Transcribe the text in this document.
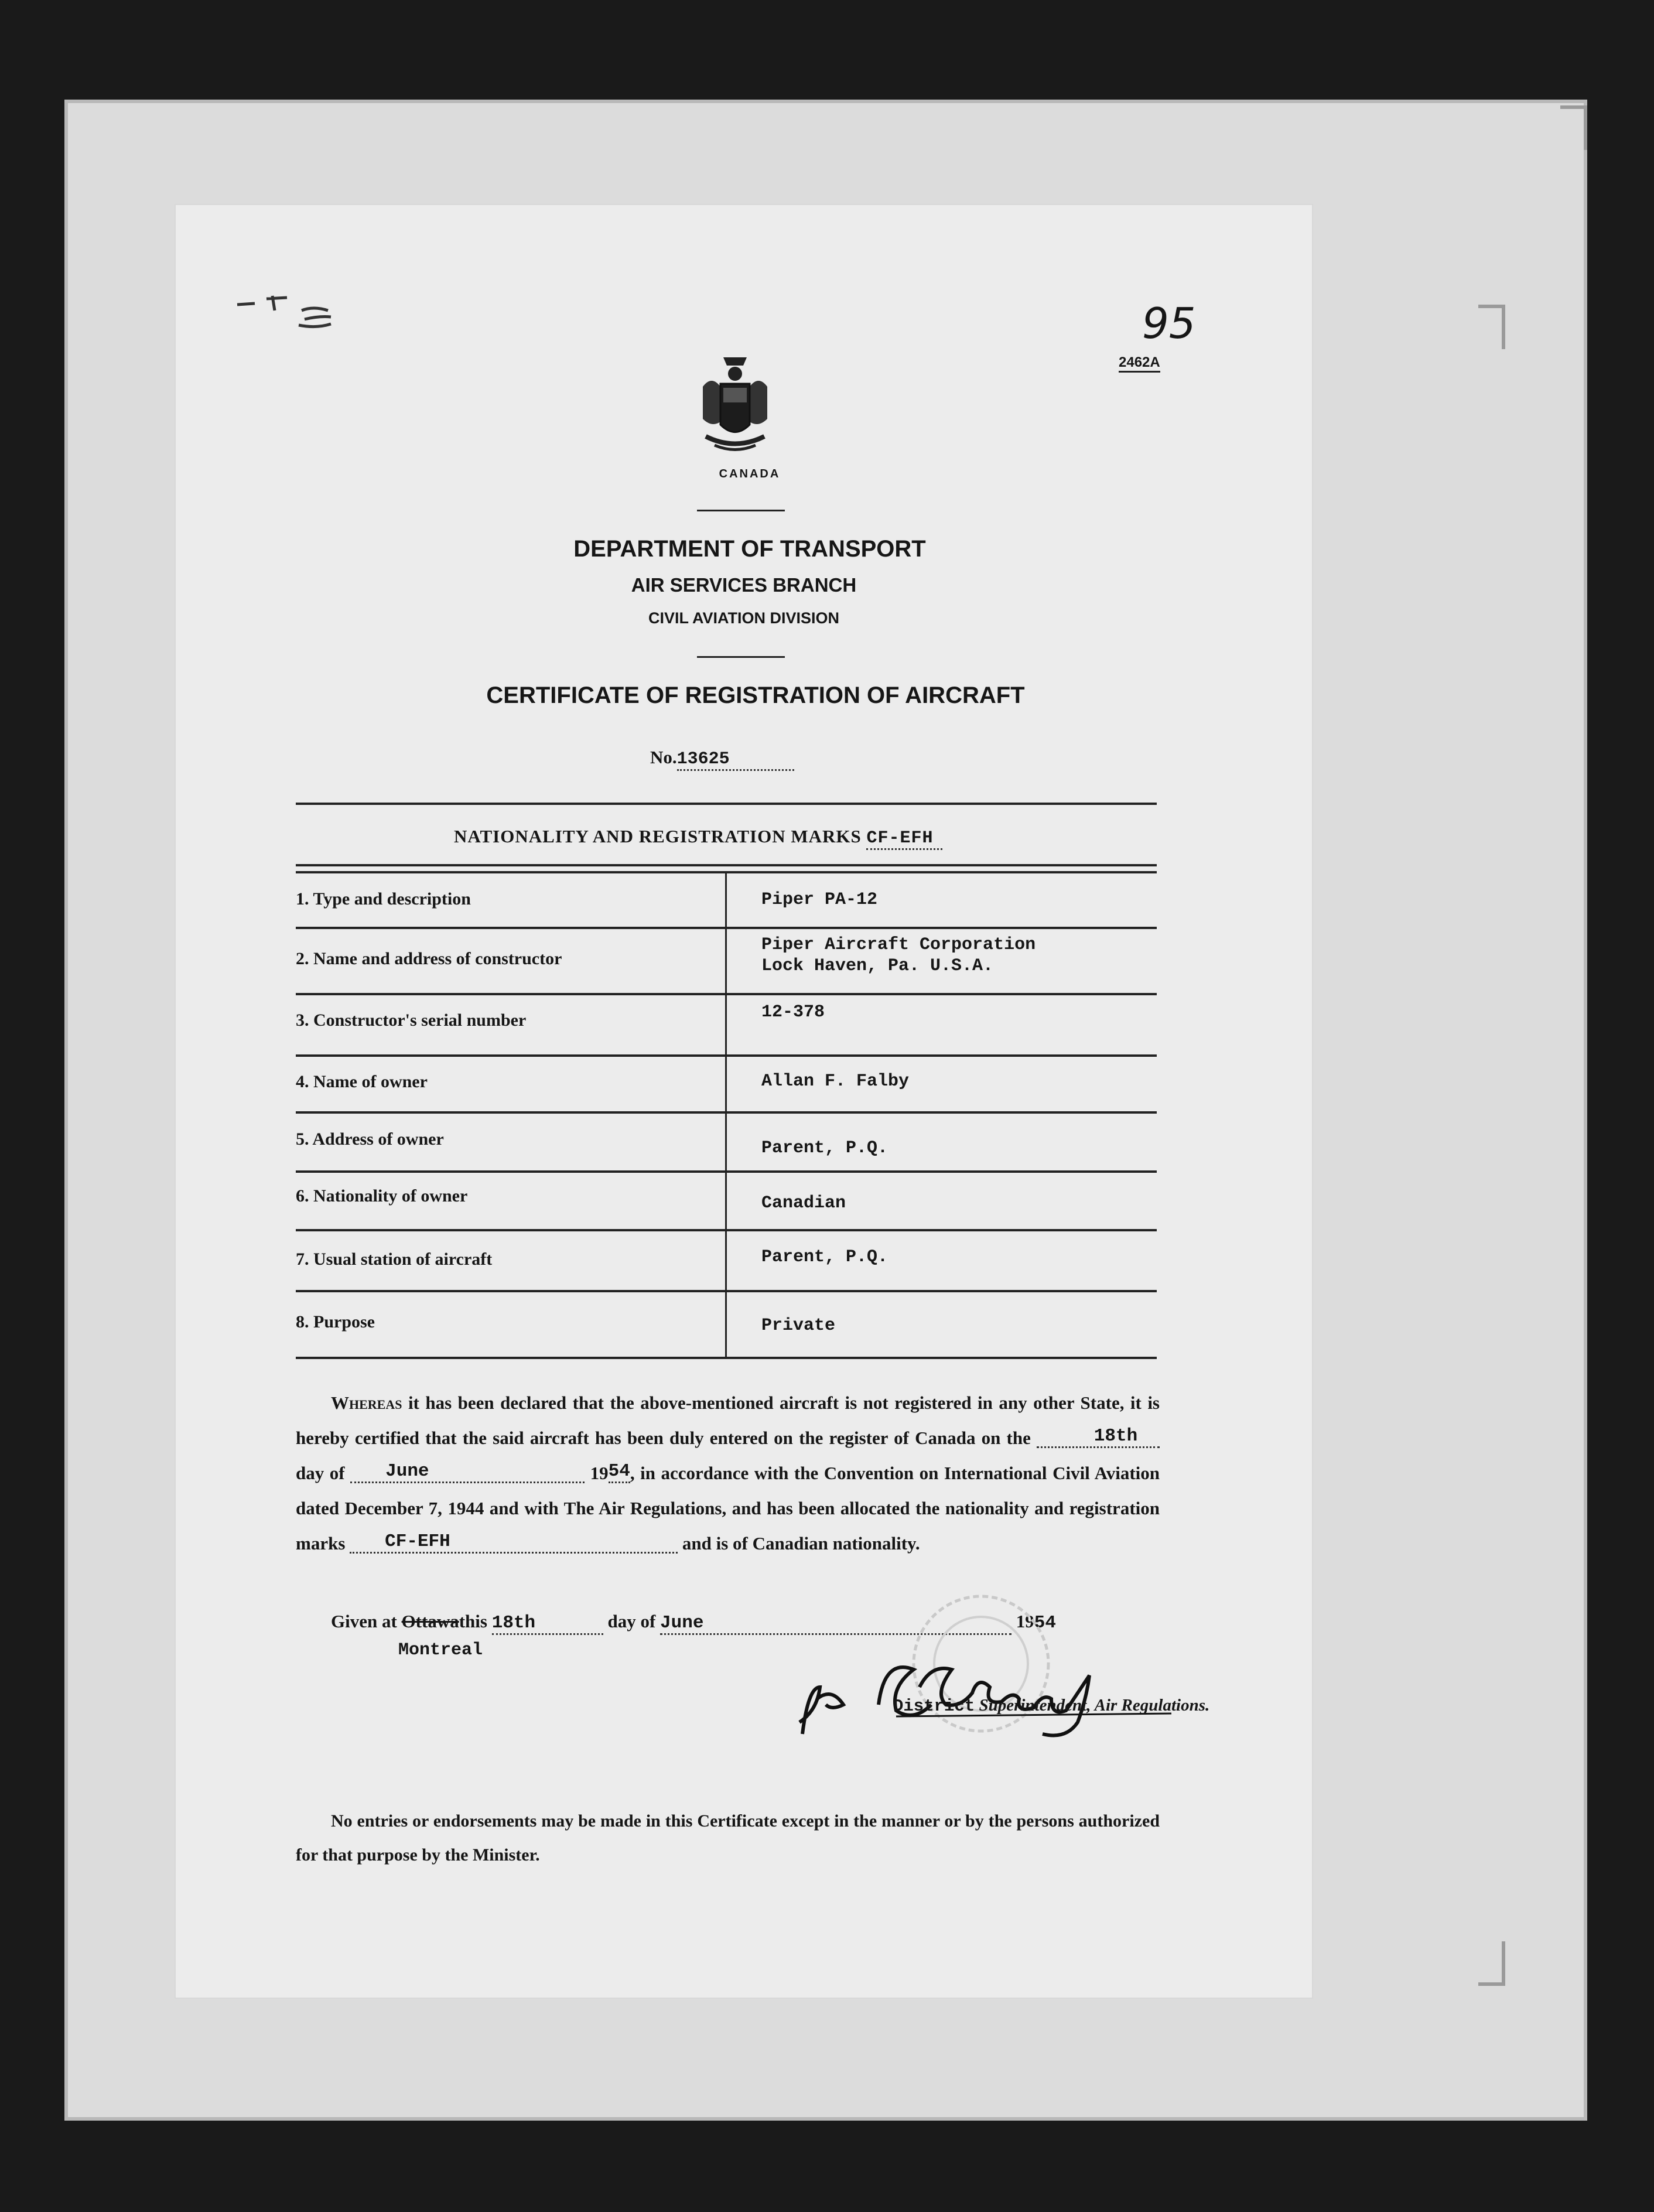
95
2462A
CANADA
DEPARTMENT OF TRANSPORT
AIR SERVICES BRANCH
CIVIL AVIATION DIVISION
CERTIFICATE OF REGISTRATION OF AIRCRAFT
No.13625
NATIONALITY AND REGISTRATION MARKS CF-EFH
1. Type and description	Piper PA-12
2. Name and address of constructor
Piper Aircraft Corporation
Lock Haven, Pa. U.S.A.
3. Constructor's serial number	12-378
4. Name of owner	Allan F. Falby
5. Address of owner	Parent, P.Q.
6. Nationality of owner	Canadian
7. Usual station of aircraft	Parent, P.Q.
8. Purpose	Private
Whereas it has been declared that the above-mentioned aircraft is not registered in any other State, it is hereby certified that the said aircraft has been duly entered on the register of Canada on the	18th day of June	1954, in accordance with the Convention on International Civil Aviation dated December 7, 1944 and with The Air Regulations, and has been allocated the nationality and registration marks CF-EFH	and is of Canadian nationality.
Given at Ottawathis 18th	day of June	1954
Montreal
District Superintendent, Air Regulations.
No entries or endorsements may be made in this Certificate except in the manner or by the persons authorized for that purpose by the Minister.
